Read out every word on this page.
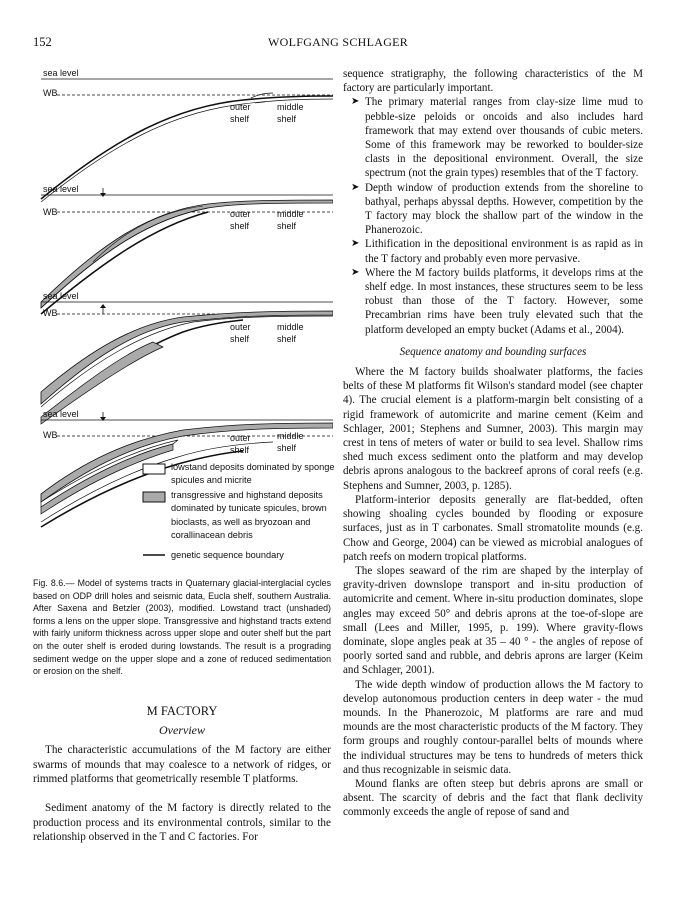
152	WOLFGANG SCHLAGER
sea level
WB
outer
shelf
middle
shelf
sea level
WB	outer
shelf
middle
shelf
sea level
WB
outer
shelf
middle
shelf
sea level
WB	outer
shelf
middle
shelf
lowstand deposits dominated by sponge spicules and micrite
transgressive and highstand deposits dominated by tunicate spicules, brown bioclasts, as well as bryozoan and corallinacean debris
genetic sequence boundary

Fig. 8.6.— Model of systems tracts in Quaternary glacial-interglacial cycles based on ODP drill holes and seismic data, Eucla shelf, southern Australia. After Saxena and Betzler (2003), modified. Lowstand tract (unshaded) forms a lens on the upper slope. Transgressive and highstand tracts extend with fairly uniform thickness across upper slope and outer shelf but the part on the outer shelf is eroded during lowstands. The result is a prograding sediment wedge on the upper slope and a zone of reduced sedimentation or erosion on the shelf.

M FACTORY
Overview

The characteristic accumulations of the M factory are either swarms of mounds that may coalesce to a network of ridges, or rimmed platforms that geometrically resemble T platforms.

Sediment anatomy of the M factory is directly related to the production process and its environmental controls, similar to the relationship observed in the T and C factories. For

sequence stratigraphy, the following characteristics of the M factory are particularly important.

➤ The primary material ranges from clay-size lime mud to pebble-size peloids or oncoids and also includes hard framework that may extend over thousands of cubic meters. Some of this framework may be reworked to boulder-size clasts in the depositional environment. Overall, the size spectrum (not the grain types) resembles that of the T factory.

➤ Depth window of production extends from the shoreline to bathyal, perhaps abyssal depths. However, competition by the T factory may block the shallow part of the window in the Phanerozoic.

➤ Lithification in the depositional environment is as rapid as in the T factory and probably even more pervasive.

➤ Where the M factory builds platforms, it develops rims at the shelf edge. In most instances, these structures seem to be less robust than those of the T factory. However, some Precambrian rims have been truly elevated such that the platform developed an empty bucket (Adams et al., 2004).

Sequence anatomy and bounding surfaces

Where the M factory builds shoalwater platforms, the facies belts of these M platforms fit Wilson's standard model (see chapter 4). The crucial element is a platform-margin belt consisting of a rigid framework of automicrite and marine cement (Keim and Schlager, 2001; Stephens and Sumner, 2003). This margin may crest in tens of meters of water or build to sea level. Shallow rims shed much excess sediment onto the platform and may develop debris aprons analogous to the backreef aprons of coral reefs (e.g. Stephens and Sumner, 2003, p. 1285).

Platform-interior deposits generally are flat-bedded, often showing shoaling cycles bounded by flooding or exposure surfaces, just as in T carbonates. Small stromatolite mounds (e.g. Chow and George, 2004) can be viewed as microbial analogues of patch reefs on modern tropical platforms.

The slopes seaward of the rim are shaped by the interplay of gravity-driven downslope transport and in-situ production of automicrite and cement. Where in-situ production dominates, slope angles may exceed 50° and debris aprons at the toe-of-slope are small (Lees and Miller, 1995, p. 199). Where gravity-flows dominate, slope angles peak at 35 – 40 ° - the angles of repose of poorly sorted sand and rubble, and debris aprons are larger (Keim and Schlager, 2001).

The wide depth window of production allows the M factory to develop autonomous production centers in deep water - the mud mounds. In the Phanerozoic, M platforms are rare and mud mounds are the most characteristic products of the M factory. They form groups and roughly contour-parallel belts of mounds where the individual structures may be tens to hundreds of meters thick and thus recognizable in seismic data.

Mound flanks are often steep but debris aprons are small or absent. The scarcity of debris and the fact that flank declivity commonly exceeds the angle of repose of sand and
